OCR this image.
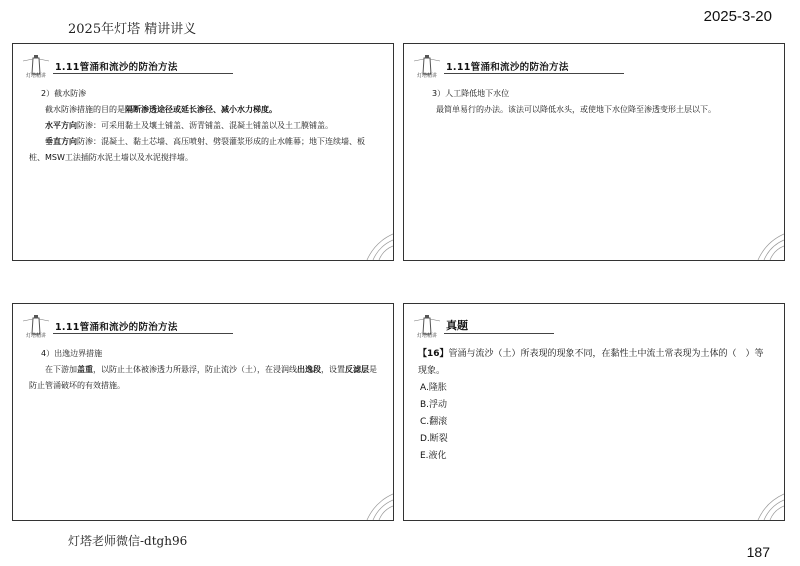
2025年灯塔 精讲讲义
2025-3-20
灯塔精讲
1.11管涌和流沙的防治方法

2）截水防渗

截水防渗措施的目的是隔断渗透途径或延长渗径、减小水力梯度。

水平方向防渗：可采用黏土及壤土铺盖、沥青铺盖、混凝土铺盖以及土工膜铺盖。

垂直方向防渗：混凝土、黏土芯墙、高压喷射、劈裂灌浆形成的止水帷幕；地下连续墙、板桩、MSW工法插防水泥土墙以及水泥搅拌墙。

灯塔精讲
1.11管涌和流沙的防治方法

3）人工降低地下水位

最简单易行的办法。该法可以降低水头，或使地下水位降至渗透变形土层以下。

灯塔精讲
1.11管涌和流沙的防治方法

4）出逸边界措施

在下游加盖重，以防止土体被渗透力所悬浮，防止流沙（土），在浸润线出逸段，设置反滤层是防止管涌破坏的有效措施。

灯塔精讲
真题

【16】管涌与流沙（土）所表现的现象不同，在黏性土中流土常表现为土体的（　）等现象。

A.隆胀

B.浮动

C.翻滚

D.断裂

E.液化

灯塔老师微信-dtgh96
187
